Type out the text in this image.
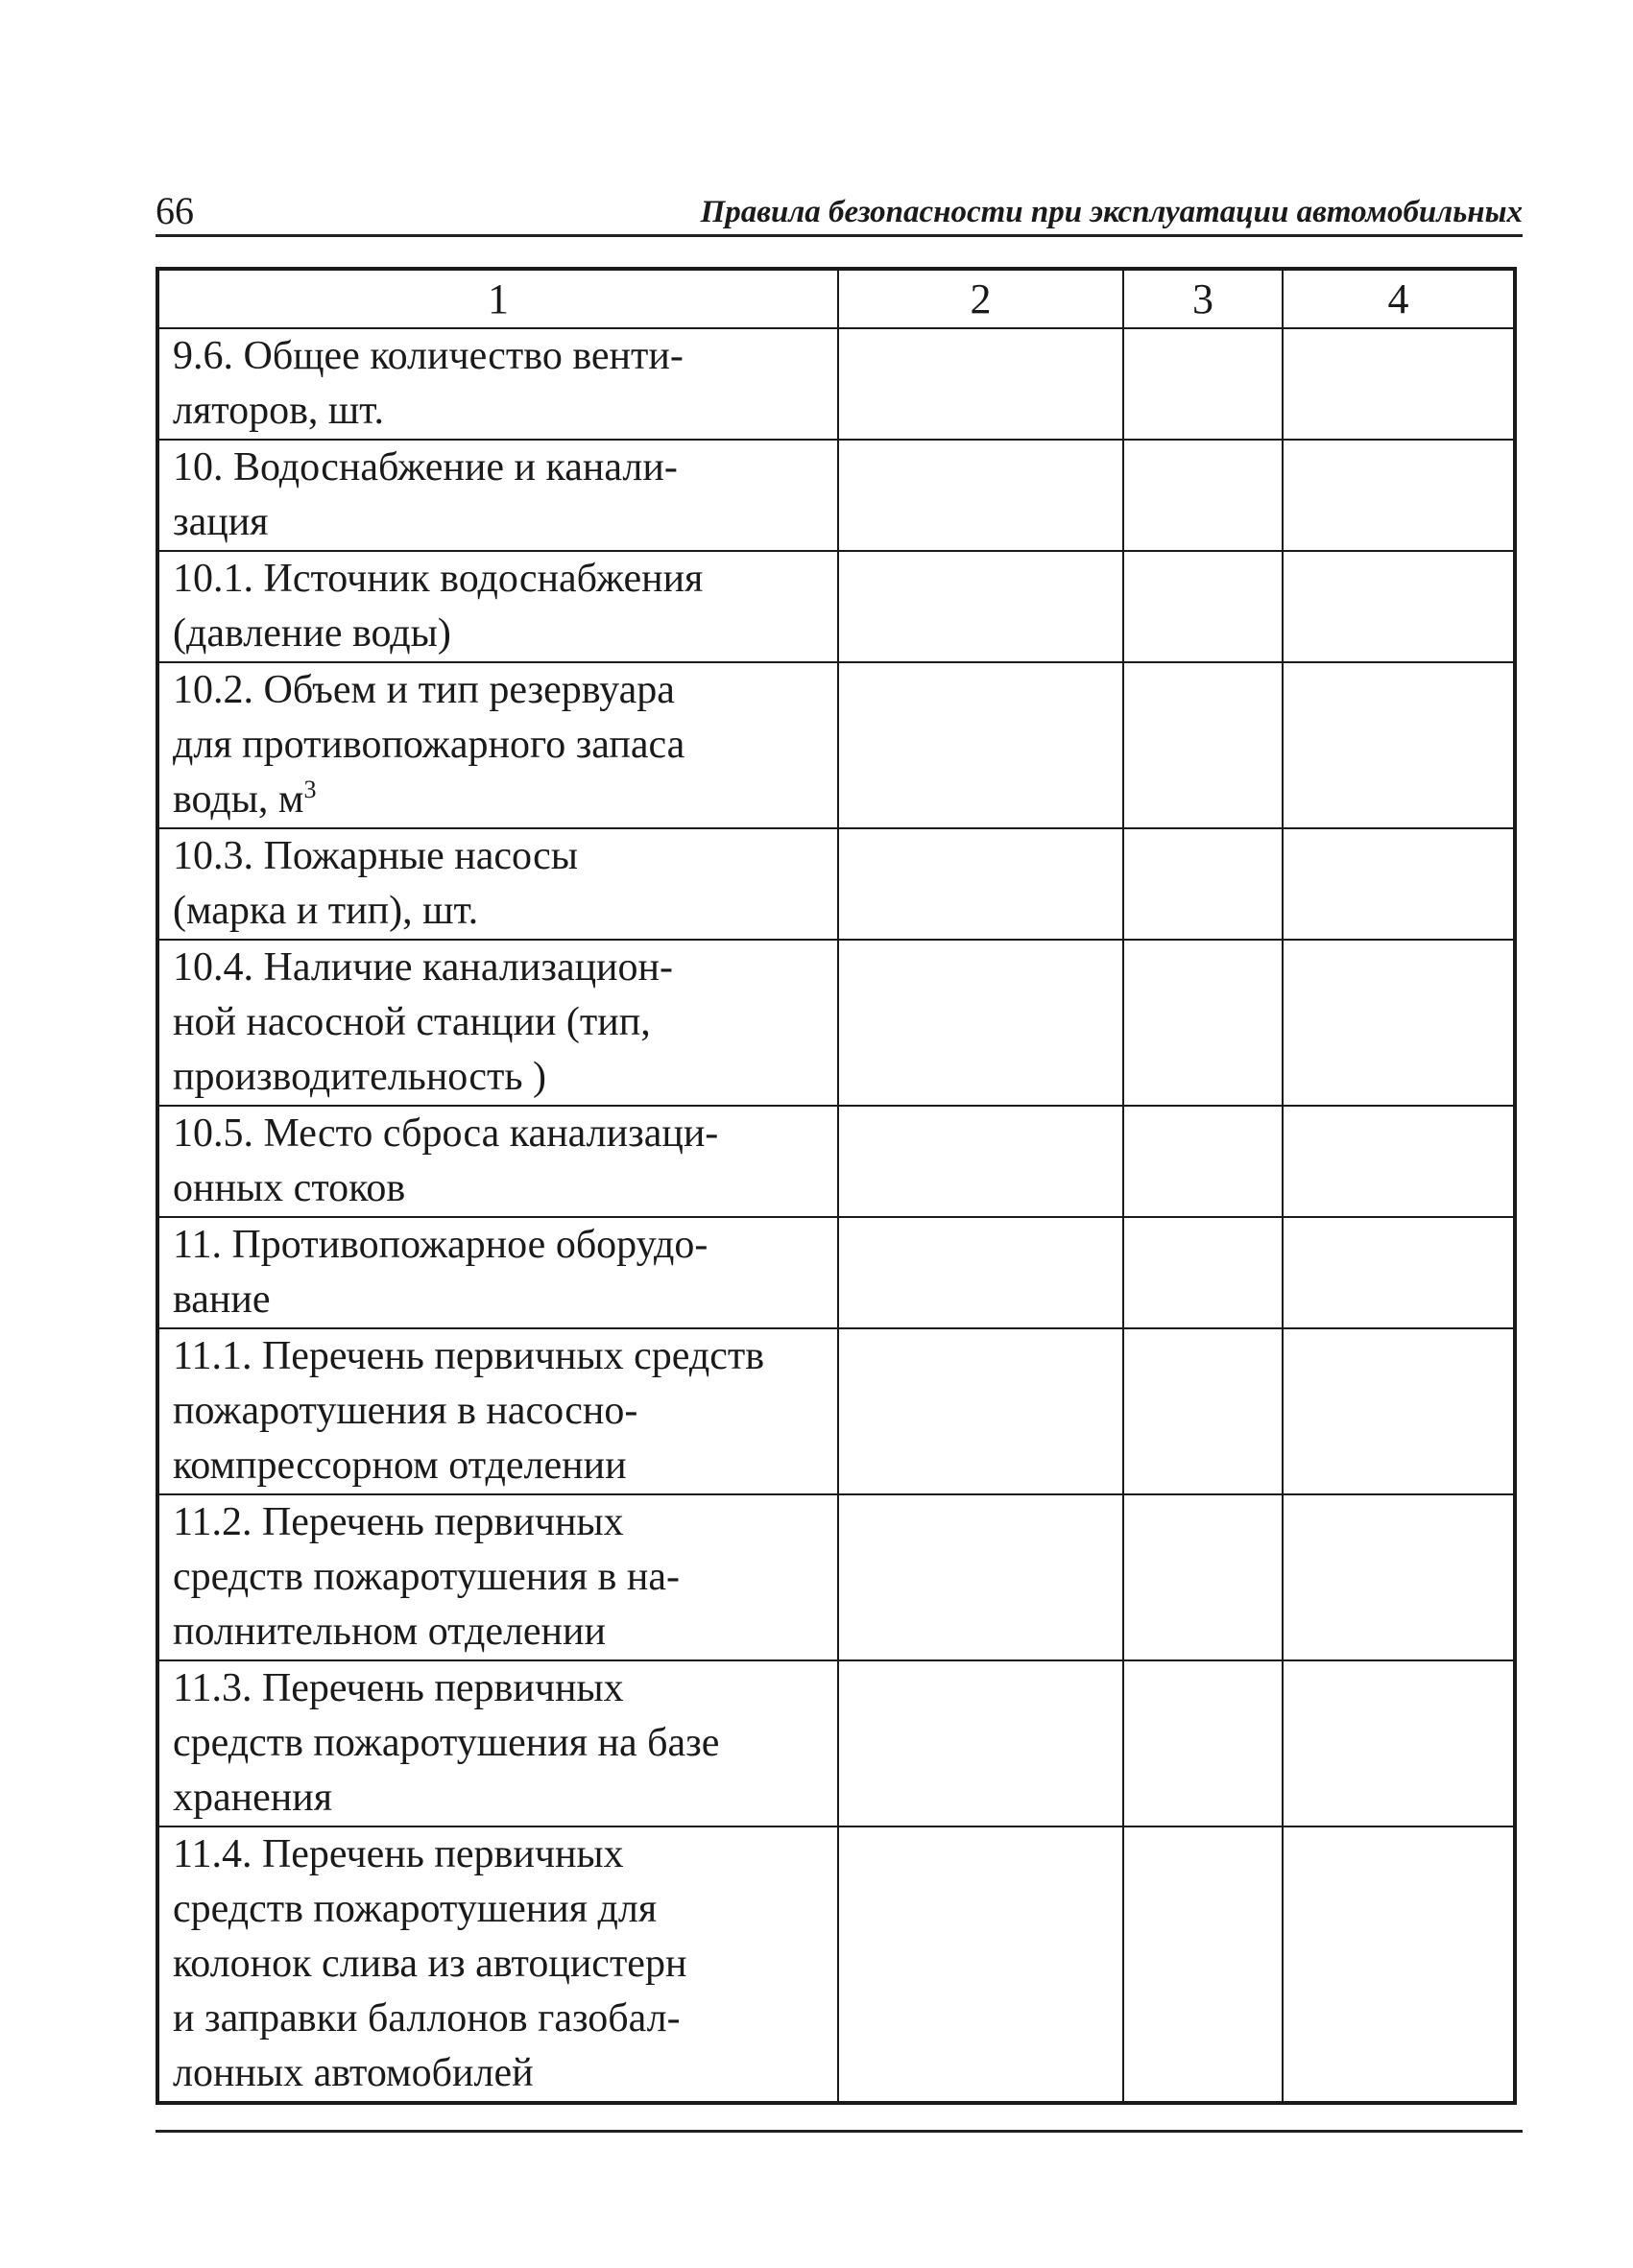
66	Правила безопасности при эксплуатации автомобильных
1	2	3	4
9.6. Общее количество венти-
ляторов, шт.			
10. Водоснабжение и канали-
зация			
10.1. Источник водоснабжения
(давление воды)			
10.2. Объем и тип резервуара
для противопожарного запаса
воды, $м^3$			
10.3. Пожарные насосы
(марка и тип), шт.			
10.4. Наличие канализацион-
ной насосной станции (тип,
производительность )			
10.5. Место сброса канализаци-
онных стоков			
11. Противопожарное оборудо-
вание			
11.1. Перечень первичных средств
пожаротушения в насосно-
компрессорном отделении			
11.2. Перечень первичных
средств пожаротушения в на-
полнительном отделении			
11.3. Перечень первичных
средств пожаротушения на базе
хранения			
11.4. Перечень первичных
средств пожаротушения для
колонок слива из автоцистерн
и заправки баллонов газобал-
лонных автомобилей			
